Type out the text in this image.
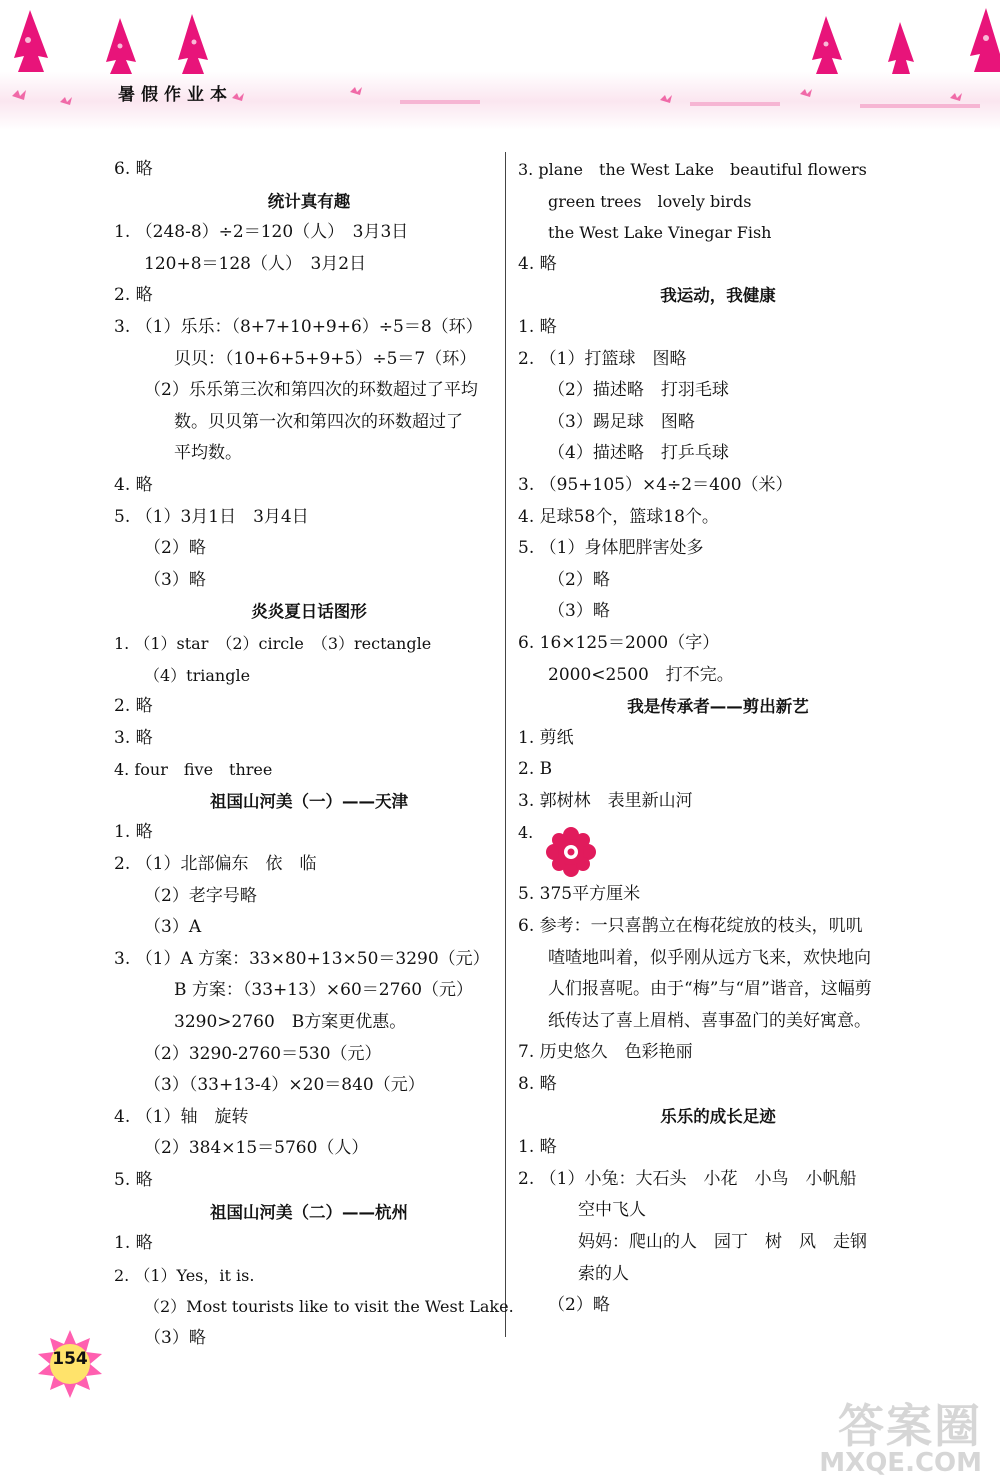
暑假作业本
6. 略
统计真有趣
1. （248-8）÷2＝120（人）　3月3日
120+8＝128（人）　3月2日
2. 略
3. （1）乐乐：（8+7+10+9+6）÷5＝8（环）
贝贝：（10+6+5+9+5）÷5＝7（环）
（2）乐乐第三次和第四次的环数超过了平均
数。贝贝第一次和第四次的环数超过了
平均数。
4. 略
5. （1）3月1日　3月4日
（2）略
（3）略
炎炎夏日话图形
1. （1）star　（2）circle　（3）rectangle
（4）triangle
2. 略
3. 略
4. four　five　three
祖国山河美（一）——天津
1. 略
2. （1）北部偏东　依　临
（2）老字号略
（3）A
3. （1）A 方案：33×80+13×50＝3290（元）
B 方案：（33+13）×60＝2760（元）
3290>2760　B方案更优惠。
（2）3290-2760＝530（元）
（3）（33+13-4）×20＝840（元）
4. （1）轴　旋转
（2）384×15＝5760（人）
5. 略
祖国山河美（二）——杭州
1. 略
2. （1）Yes，it is.
（2）Most tourists like to visit the West Lake.
（3）略
3. plane　the West Lake　beautiful flowers
green trees　lovely birds
the West Lake Vinegar Fish
4. 略
我运动，我健康
1. 略
2. （1）打篮球　图略
（2）描述略　打羽毛球
（3）踢足球　图略
（4）描述略　打乒乓球
3. （95+105）×4÷2＝400（米）
4. 足球58个，篮球18个。
5. （1）身体肥胖害处多
（2）略
（3）略
6. 16×125＝2000（字）
2000<2500　打不完。
我是传承者——剪出新艺
1. 剪纸
2. B
3. 郭树林　表里新山河
4.
5. 375平方厘米
6. 参考：一只喜鹊立在梅花绽放的枝头，叽叽
喳喳地叫着，似乎刚从远方飞来，欢快地向
人们报喜呢。由于“梅”与“眉”谐音，这幅剪
纸传达了喜上眉梢、喜事盈门的美好寓意。
7. 历史悠久　色彩艳丽
8. 略
乐乐的成长足迹
1. 略
2. （1）小兔：大石头　小花　小鸟　小帆船
空中飞人
妈妈：爬山的人　园丁　树　风　走钢
索的人
（2）略
154
答案圈
MXQE.COM
